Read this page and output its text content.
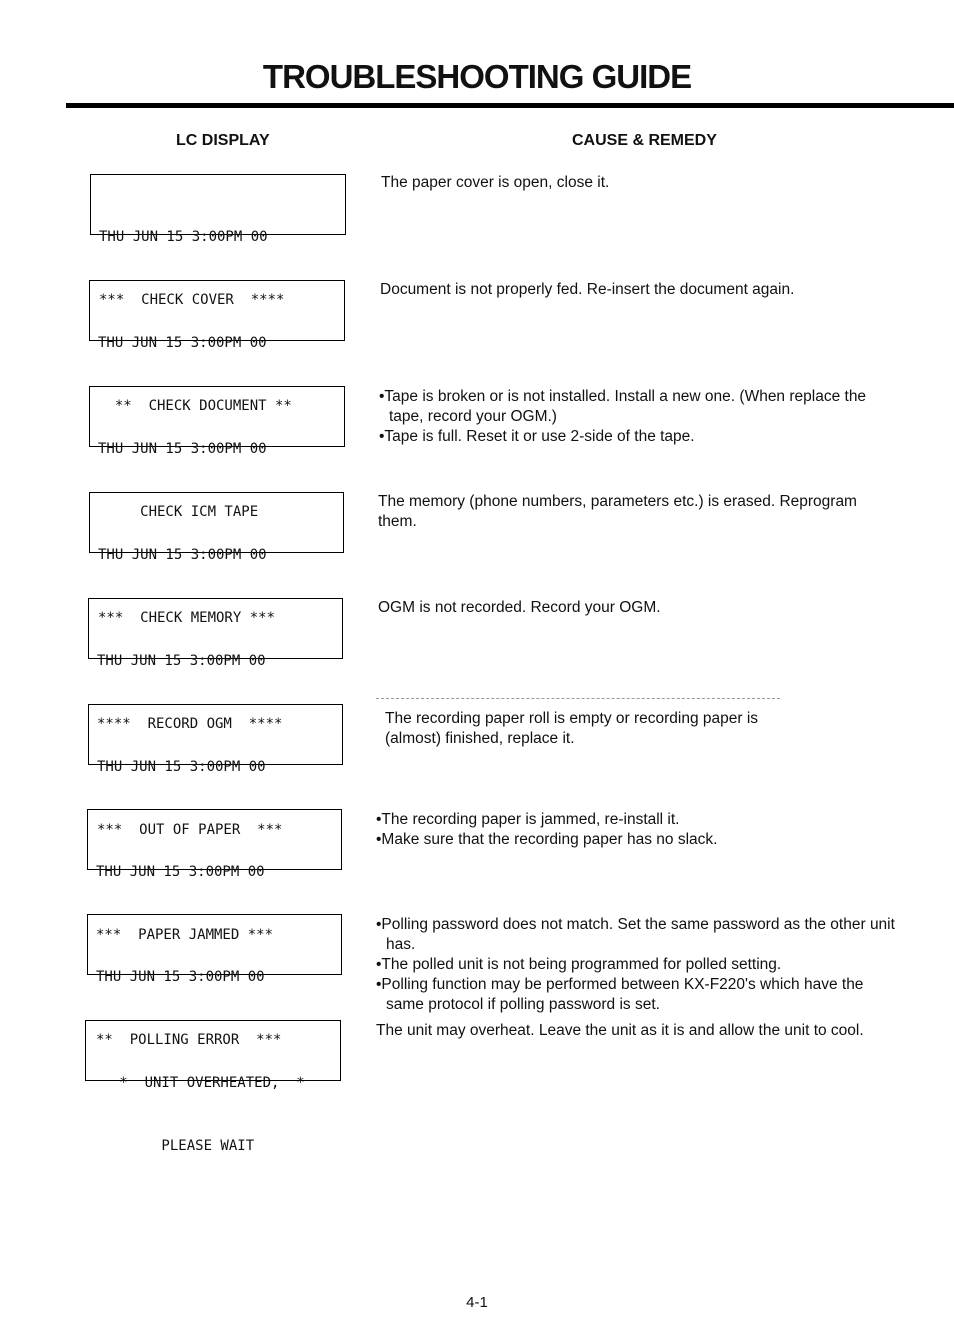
TROUBLESHOOTING GUIDE
LC DISPLAY	CAUSE & REMEDY

THU JUN 15 3:00PM 00

***  CHECK COVER  ****

The paper cover is open, close it.

THU JUN 15 3:00PM 00

**  CHECK DOCUMENT **

Document is not properly fed. Re-insert the document again.

THU JUN 15 3:00PM 00

CHECK ICM TAPE

•Tape is broken or is not installed. Install a new one. (When replace the tape, record your OGM.)

•Tape is full. Reset it or use 2-side of the tape.

THU JUN 15 3:00PM 00

***  CHECK MEMORY ***

The memory (phone numbers, parameters etc.) is erased. Reprogram them.

THU JUN 15 3:00PM 00

****  RECORD OGM  ****

OGM is not recorded. Record your OGM.

THU JUN 15 3:00PM 00

***  OUT OF PAPER  ***

The recording paper roll is empty or recording paper is (almost) finished, replace it.

THU JUN 15 3:00PM 00

***  PAPER JAMMED ***

•The recording paper is jammed, re-install it.

•Make sure that the recording paper has no slack.

THU JUN 15 3:00PM 00

**  POLLING ERROR  ***

•Polling password does not match. Set the same password as the other unit has.

•The polled unit is not being programmed for polled setting.

•Polling function may be performed between KX-F220's which have the same protocol if polling password is set.

*  UNIT OVERHEATED,  *

PLEASE WAIT

The unit may overheat. Leave the unit as it is and allow the unit to cool.

4-1
